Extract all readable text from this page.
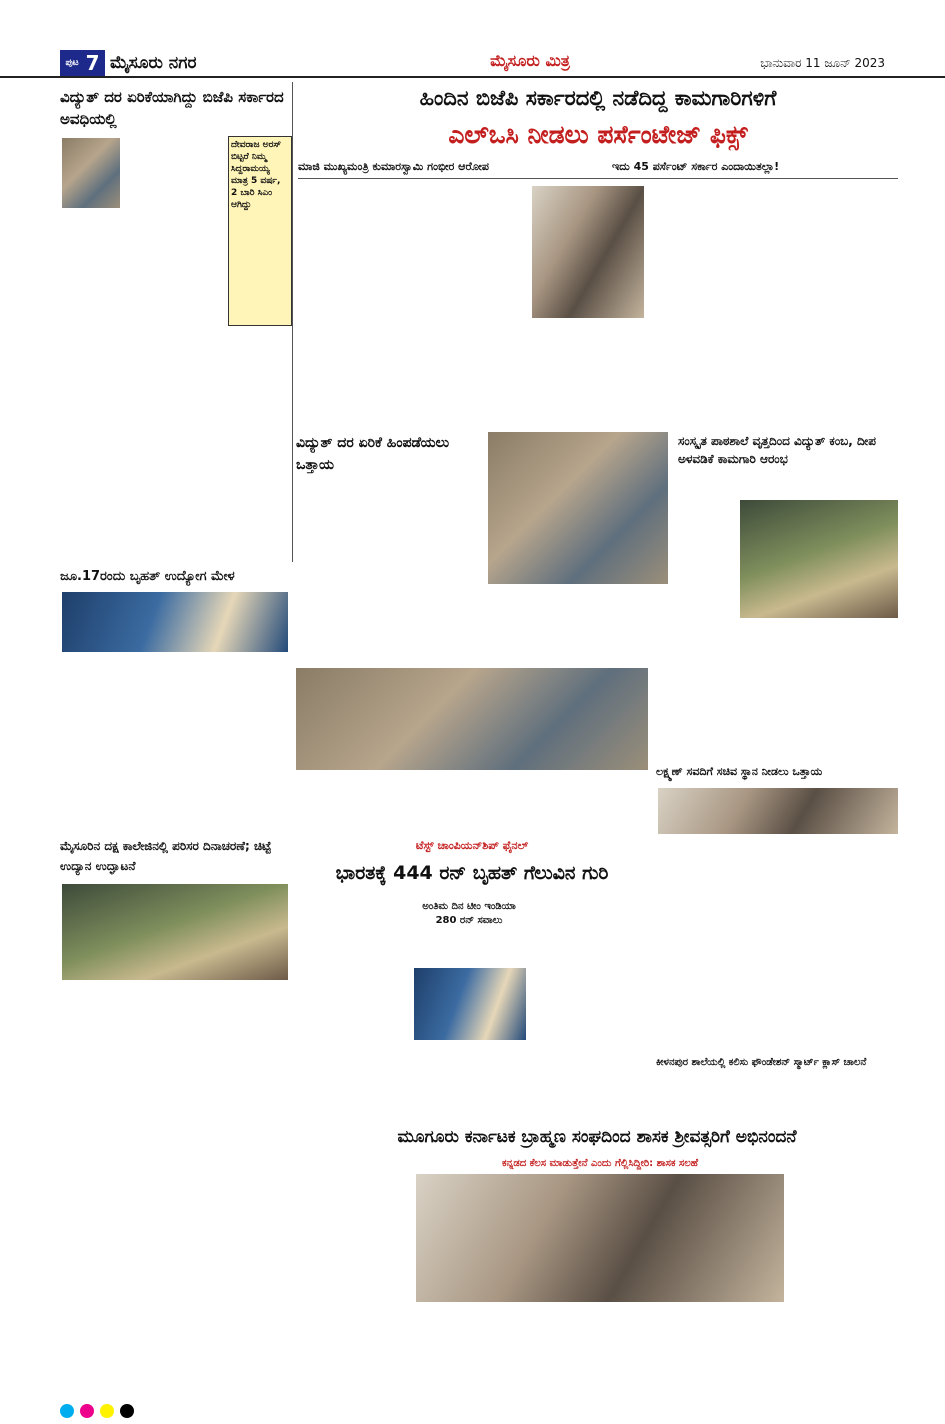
$^{ಪುಟ}$ 7 ಮೈಸೂರು ನಗರ	ಮೈಸೂರು ಮಿತ್ರ	ಭಾನುವಾರ 11 ಜೂನ್ 2023
ವಿದ್ಯುತ್ ದರ ಏರಿಕೆಯಾಗಿದ್ದು ಬಿಜೆಪಿ ಸರ್ಕಾರದ ಅವಧಿಯಲ್ಲಿ
ದೇವರಾಜ ಅರಸ್ ಬಿಟ್ಟರೆ ನಿಮ್ಮ ಸಿದ್ದರಾಮಯ್ಯ ಮಾತ್ರ 5 ವರ್ಷ, 2 ಬಾರಿ ಸಿಎಂ ಆಗಿದ್ದು
ಹಿಂದಿನ ಬಿಜೆಪಿ ಸರ್ಕಾರದಲ್ಲಿ ನಡೆದಿದ್ದ ಕಾಮಗಾರಿಗಳಿಗೆ
ಎಲ್ಒಸಿ ನೀಡಲು ಪರ್ಸೆಂಟೇಜ್ ಫಿಕ್ಸ್
ಮಾಜಿ ಮುಖ್ಯಮಂತ್ರಿ ಕುಮಾರಸ್ವಾಮಿ ಗಂಭೀರ ಆರೋಪ	ಇದು 45 ಪರ್ಸೆಂಟ್ ಸರ್ಕಾರ ಎಂದಾಯಿತಲ್ಲಾ!
ವಿದ್ಯುತ್ ದರ ಏರಿಕೆ ಹಿಂಪಡೆಯಲು ಒತ್ತಾಯ
ಸಂಸ್ಕೃತ ಪಾಠಶಾಲೆ ವೃತ್ತದಿಂದ ವಿದ್ಯುತ್ ಕಂಬ, ದೀಪ ಅಳವಡಿಕೆ ಕಾಮಗಾರಿ ಆರಂಭ
ಜೂ.17ರಂದು ಬೃಹತ್ ಉದ್ಯೋಗ ಮೇಳ
ಲಕ್ಷ್ಮಣ್ ಸವದಿಗೆ ಸಚಿವ ಸ್ಥಾನ ನೀಡಲು ಒತ್ತಾಯ
ಮೈಸೂರಿನ ದಕ್ಷ ಕಾಲೇಜಿನಲ್ಲಿ ಪರಿಸರ ದಿನಾಚರಣೆ; ಚಿಟ್ಟೆ ಉದ್ಯಾನ ಉದ್ಘಾಟನೆ
ಟೆಸ್ಟ್ ಚಾಂಪಿಯನ್‌ಶಿಪ್ ಫೈನಲ್
ಭಾರತಕ್ಕೆ 444 ರನ್ ಬೃಹತ್ ಗೆಲುವಿನ ಗುರಿ
ಅಂತಿಮ ದಿನ ಟೀಂ ಇಂಡಿಯಾ 280 ರನ್ ಸವಾಲು
ಕೀಳನಪುರ ಶಾಲೆಯಲ್ಲಿ ಕಲಿಸು ಫೌಂಡೇಶನ್ ಸ್ಮಾರ್ಟ್ ಕ್ಲಾಸ್ ಚಾಲನೆ
ಮೂಗೂರು ಕರ್ನಾಟಕ ಬ್ರಾಹ್ಮಣ ಸಂಘದಿಂದ ಶಾಸಕ ಶ್ರೀವತ್ಸರಿಗೆ ಅಭಿನಂದನೆ
ಕನ್ನಡದ ಕೆಲಸ ಮಾಡುತ್ತೇನೆ ಎಂದು ಗೆಲ್ಲಿಸಿದ್ದೀರಿ: ಶಾಸಕ ಸಲಹೆ
